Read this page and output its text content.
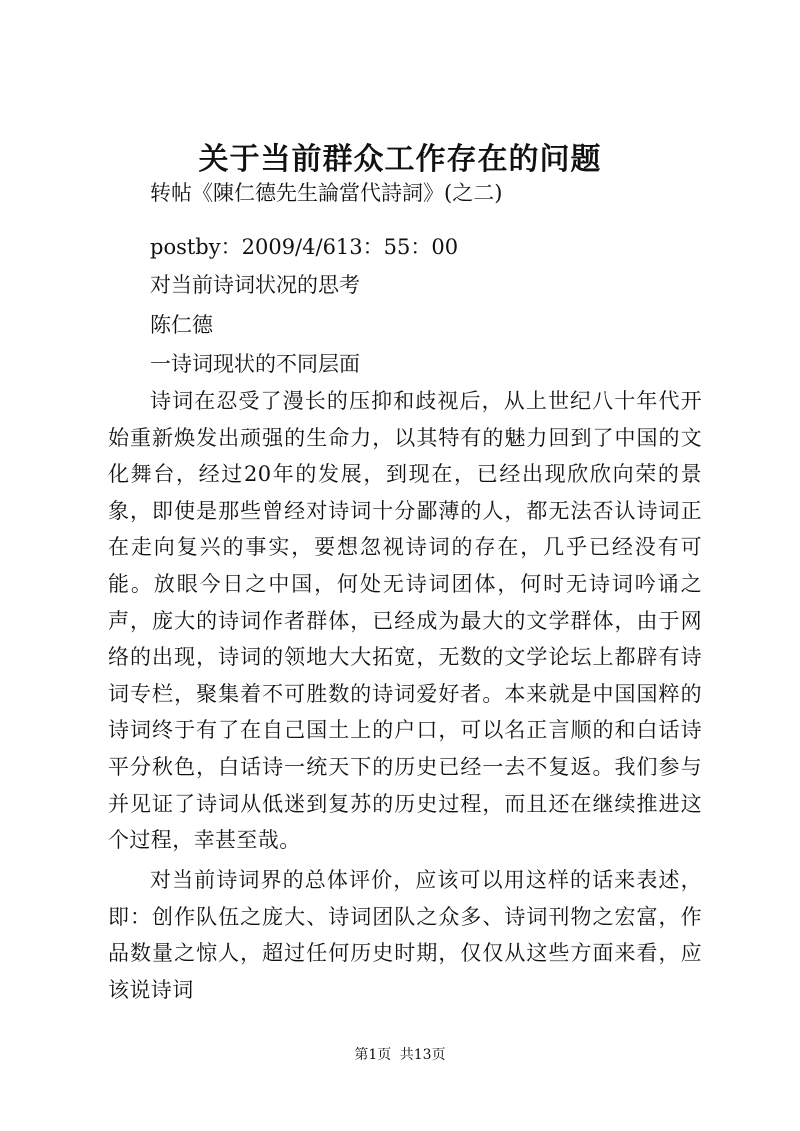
关于当前群众工作存在的问题
转帖《陳仁德先生論當代詩詞》(之二)
postby：2009/4/613：55：00
对当前诗词状况的思考
陈仁德
一诗词现状的不同层面
诗词在忍受了漫长的压抑和歧视后，从上世纪八十年代开始重新焕发出顽强的生命力，以其特有的魅力回到了中国的文化舞台，经过20年的发展，到现在，已经出现欣欣向荣的景象，即使是那些曾经对诗词十分鄙薄的人，都无法否认诗词正在走向复兴的事实，要想忽视诗词的存在，几乎已经没有可能。放眼今日之中国，何处无诗词团体，何时无诗词吟诵之声，庞大的诗词作者群体，已经成为最大的文学群体，由于网络的出现，诗词的领地大大拓宽，无数的文学论坛上都辟有诗词专栏，聚集着不可胜数的诗词爱好者。本来就是中国国粹的诗词终于有了在自己国土上的户口，可以名正言顺的和白话诗平分秋色，白话诗一统天下的历史已经一去不复返。我们参与并见证了诗词从低迷到复苏的历史过程，而且还在继续推进这个过程，幸甚至哉。
对当前诗词界的总体评价，应该可以用这样的话来表述，即：创作队伍之庞大、诗词团队之众多、诗词刊物之宏富，作品数量之惊人，超过任何历史时期，仅仅从这些方面来看，应该说诗词
第1页 共13页
